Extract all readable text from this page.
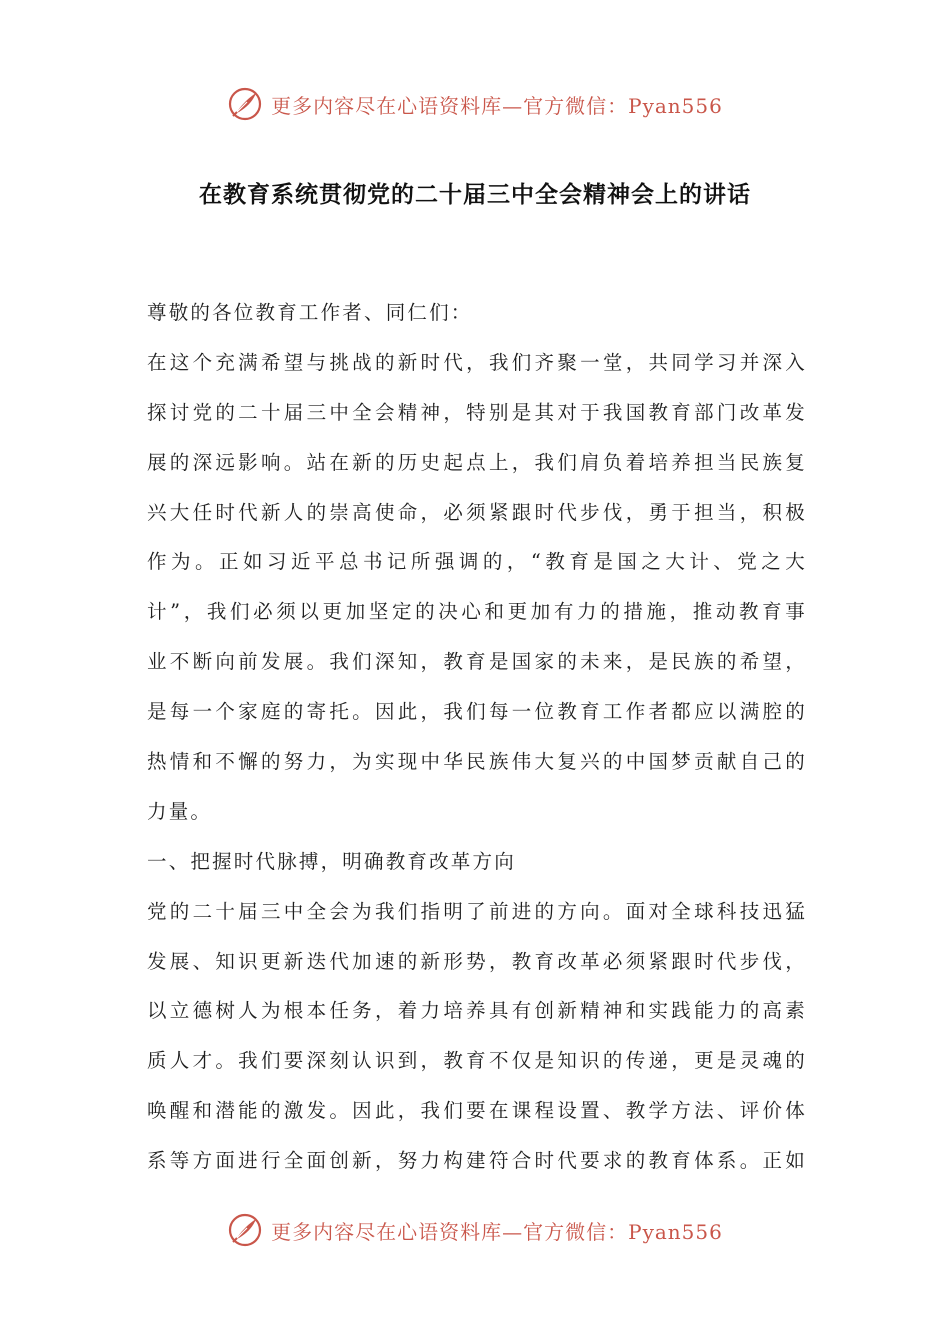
更多内容尽在心语资料库—官方微信：Pyan556
在教育系统贯彻党的二十届三中全会精神会上的讲话
尊敬的各位教育工作者、同仁们：
在这个充满希望与挑战的新时代，我们齐聚一堂，共同学习并深入
探讨党的二十届三中全会精神，特别是其对于我国教育部门改革发
展的深远影响。站在新的历史起点上，我们肩负着培养担当民族复
兴大任时代新人的崇高使命，必须紧跟时代步伐，勇于担当，积极
作为。正如习近平总书记所强调的，“教育是国之大计、党之大
计”，我们必须以更加坚定的决心和更加有力的措施，推动教育事
业不断向前发展。我们深知，教育是国家的未来，是民族的希望，
是每一个家庭的寄托。因此，我们每一位教育工作者都应以满腔的
热情和不懈的努力，为实现中华民族伟大复兴的中国梦贡献自己的
力量。
一、把握时代脉搏，明确教育改革方向
党的二十届三中全会为我们指明了前进的方向。面对全球科技迅猛
发展、知识更新迭代加速的新形势，教育改革必须紧跟时代步伐，
以立德树人为根本任务，着力培养具有创新精神和实践能力的高素
质人才。我们要深刻认识到，教育不仅是知识的传递，更是灵魂的
唤醒和潜能的激发。因此，我们要在课程设置、教学方法、评价体
系等方面进行全面创新，努力构建符合时代要求的教育体系。正如
更多内容尽在心语资料库—官方微信：Pyan556
